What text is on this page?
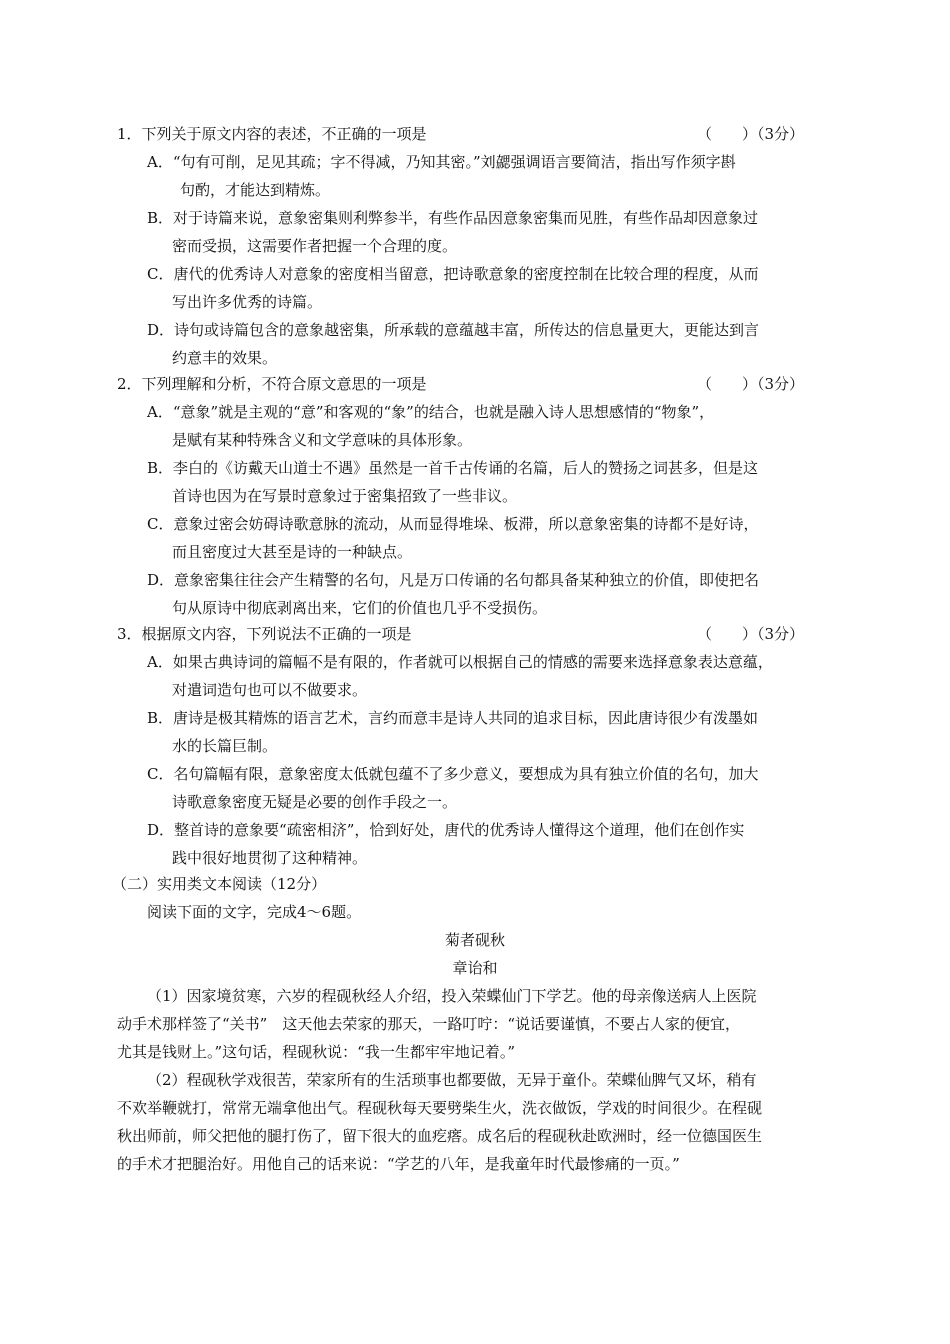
1．下列关于原文内容的表述，不正确的一项是	（　　）（3分）
A．“句有可削，足见其疏；字不得减，乃知其密。”刘勰强调语言要简洁，指出写作须字斟
句酌，才能达到精炼。
B．对于诗篇来说，意象密集则利弊参半，有些作品因意象密集而见胜，有些作品却因意象过
密而受损，这需要作者把握一个合理的度。
C．唐代的优秀诗人对意象的密度相当留意，把诗歌意象的密度控制在比较合理的程度，从而
写出许多优秀的诗篇。
D．诗句或诗篇包含的意象越密集，所承载的意蕴越丰富，所传达的信息量更大，更能达到言
约意丰的效果。
2．下列理解和分析，不符合原文意思的一项是	（　　）（3分）
A．“意象”就是主观的“意”和客观的“象”的结合，也就是融入诗人思想感情的“物象”，
是赋有某种特殊含义和文学意味的具体形象。
B．李白的《访戴天山道士不遇》虽然是一首千古传诵的名篇，后人的赞扬之词甚多，但是这
首诗也因为在写景时意象过于密集招致了一些非议。
C．意象过密会妨碍诗歌意脉的流动，从而显得堆垛、板滞，所以意象密集的诗都不是好诗，
而且密度过大甚至是诗的一种缺点。
D．意象密集往往会产生精警的名句，凡是万口传诵的名句都具备某种独立的价值，即使把名
句从原诗中彻底剥离出来，它们的价值也几乎不受损伤。
3．根据原文内容，下列说法不正确的一项是	（　　）（3分）
A．如果古典诗词的篇幅不是有限的，作者就可以根据自己的情感的需要来选择意象表达意蕴，
对遣词造句也可以不做要求。
B．唐诗是极其精炼的语言艺术，言约而意丰是诗人共同的追求目标，因此唐诗很少有泼墨如
水的长篇巨制。
C．名句篇幅有限，意象密度太低就包蕴不了多少意义，要想成为具有独立价值的名句，加大
诗歌意象密度无疑是必要的创作手段之一。
D．整首诗的意象要“疏密相济”，恰到好处，唐代的优秀诗人懂得这个道理，他们在创作实
践中很好地贯彻了这种精神。
（二）实用类文本阅读（12分）
阅读下面的文字，完成4～6题。
菊者砚秋
章诒和
（1）因家境贫寒，六岁的程砚秋经人介绍，投入荣蝶仙门下学艺。他的母亲像送病人上医院
动手术那样签了“关书”　这天他去荣家的那天，一路叮咛：“说话要谨慎，不要占人家的便宜，
尤其是钱财上。”这句话，程砚秋说：“我一生都牢牢地记着。”
（2）程砚秋学戏很苦，荣家所有的生活琐事也都要做，无异于童仆。荣蝶仙脾气又坏，稍有
不欢举鞭就打，常常无端拿他出气。程砚秋每天要劈柴生火，洗衣做饭，学戏的时间很少。在程砚
秋出师前，师父把他的腿打伤了，留下很大的血疙瘩。成名后的程砚秋赴欧洲时，经一位德国医生
的手术才把腿治好。用他自己的话来说：“学艺的八年，是我童年时代最惨痛的一页。”
